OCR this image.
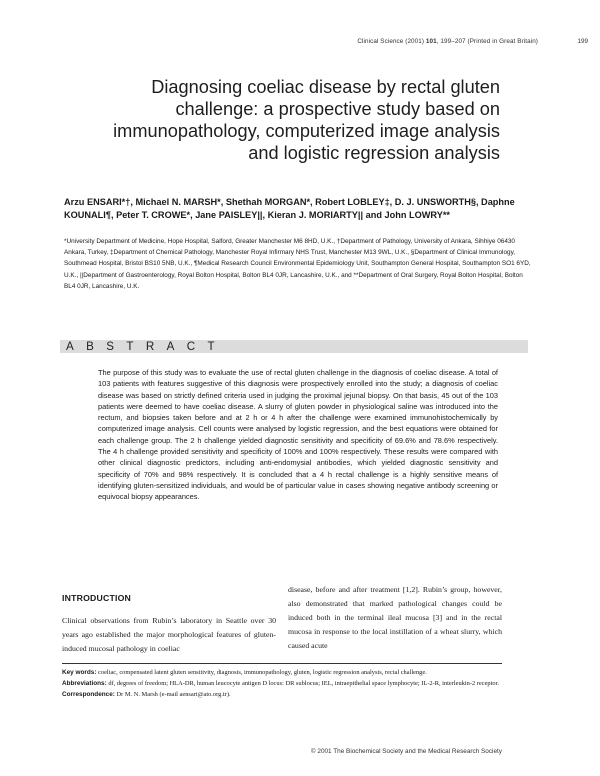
Clinical Science (2001) 101, 199–207 (Printed in Great Britain)	199
Diagnosing coeliac disease by rectal gluten challenge: a prospective study based on immunopathology, computerized image analysis and logistic regression analysis
Arzu ENSARI*†, Michael N. MARSH*, Shethah MORGAN*, Robert LOBLEY‡, D. J. UNSWORTH§, Daphne KOUNALI¶, Peter T. CROWE*, Jane PAISLEY||, Kieran J. MORIARTY|| and John LOWRY**
*University Department of Medicine, Hope Hospital, Salford, Greater Manchester M6 8HD, U.K., †Department of Pathology, University of Ankara, Sihhiye 06430 Ankara, Turkey, ‡Department of Chemical Pathology, Manchester Royal Infirmary NHS Trust, Manchester M13 9WL, U.K., §Department of Clinical Immunology, Southmead Hospital, Bristol BS10 5NB, U.K., ¶Medical Research Council Environmental Epidemiology Unit, Southampton General Hospital, Southampton SO1 6YD, U.K., ||Department of Gastroenterology, Royal Bolton Hospital, Bolton BL4 0JR, Lancashire, U.K., and **Department of Oral Surgery, Royal Bolton Hospital, Bolton BL4 0JR, Lancashire, U.K.
ABSTRACT
The purpose of this study was to evaluate the use of rectal gluten challenge in the diagnosis of coeliac disease. A total of 103 patients with features suggestive of this diagnosis were prospectively enrolled into the study; a diagnosis of coeliac disease was based on strictly defined criteria used in judging the proximal jejunal biopsy. On that basis, 45 out of the 103 patients were deemed to have coeliac disease. A slurry of gluten powder in physiological saline was introduced into the rectum, and biopsies taken before and at 2 h or 4 h after the challenge were examined immunohistochemically by computerized image analysis. Cell counts were analysed by logistic regression, and the best equations were obtained for each challenge group. The 2 h challenge yielded diagnostic sensitivity and specificity of 69.6% and 78.6% respectively. The 4 h challenge provided sensitivity and specificity of 100% and 100% respectively. These results were compared with other clinical diagnostic predictors, including anti-endomysial antibodies, which yielded diagnostic sensitivity and specificity of 70% and 98% respectively. It is concluded that a 4 h rectal challenge is a highly sensitive means of identifying gluten-sensitized individuals, and would be of particular value in cases showing negative antibody screening or equivocal biopsy appearances.
INTRODUCTION
Clinical observations from Rubin’s laboratory in Seattle over 30 years ago established the major morphological features of gluten-induced mucosal pathology in coeliac
disease, before and after treatment [1,2]. Rubin’s group, however, also demonstrated that marked pathological changes could be induced both in the terminal ileal mucosa [3] and in the rectal mucosa in response to the local instillation of a wheat slurry, which caused acute

Key words: coeliac, compensated latent gluten sensitivity, diagnosis, immunopathology, gluten, logistic regression analysis, rectal challenge.

Abbreviations: df, degrees of freedom; HLA-DR, human leucocyte antigen D locus: DR sublocus; IEL, intraepithelial space lymphocyte; IL-2-R, interleukin-2 receptor.

Correspondence: Dr M. N. Marsh (e-mail aensari@ato.org.tr).

© 2001 The Biochemical Society and the Medical Research Society
